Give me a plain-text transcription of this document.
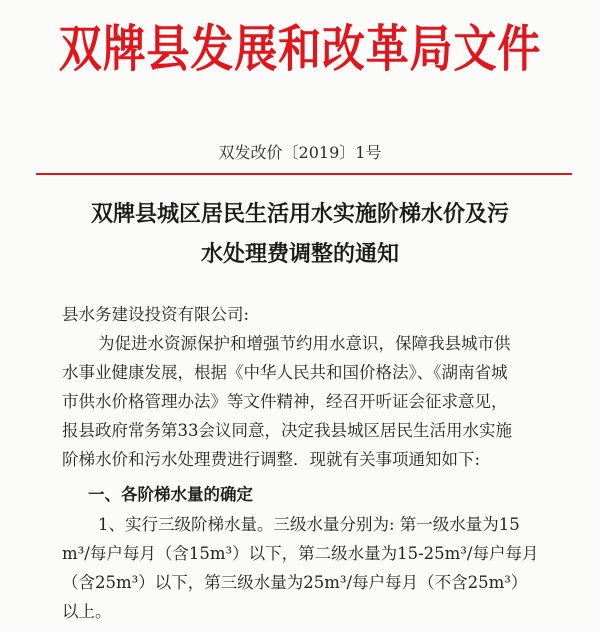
双牌县发展和改革局文件
双发改价〔2019〕1号
双牌县城区居民生活用水实施阶梯水价及污
水处理费调整的通知
县水务建设投资有限公司:
为促进水资源保护和增强节约用水意识，保障我县城市供
水事业健康发展，根据《中华人民共和国价格法》、《湖南省城
市供水价格管理办法》等文件精神，经召开听证会征求意见，
报县政府常务第33会议同意，决定我县城区居民生活用水实施
阶梯水价和污水处理费进行调整．现就有关事项通知如下:
一、各阶梯水量的确定
1、实行三级阶梯水量。三级水量分别为: 第一级水量为15
m³/每户每月（含15m³）以下，第二级水量为15-25m³/每户每月
（含25m³）以下，第三级水量为25m³/每户每月（不含25m³）
以上。
